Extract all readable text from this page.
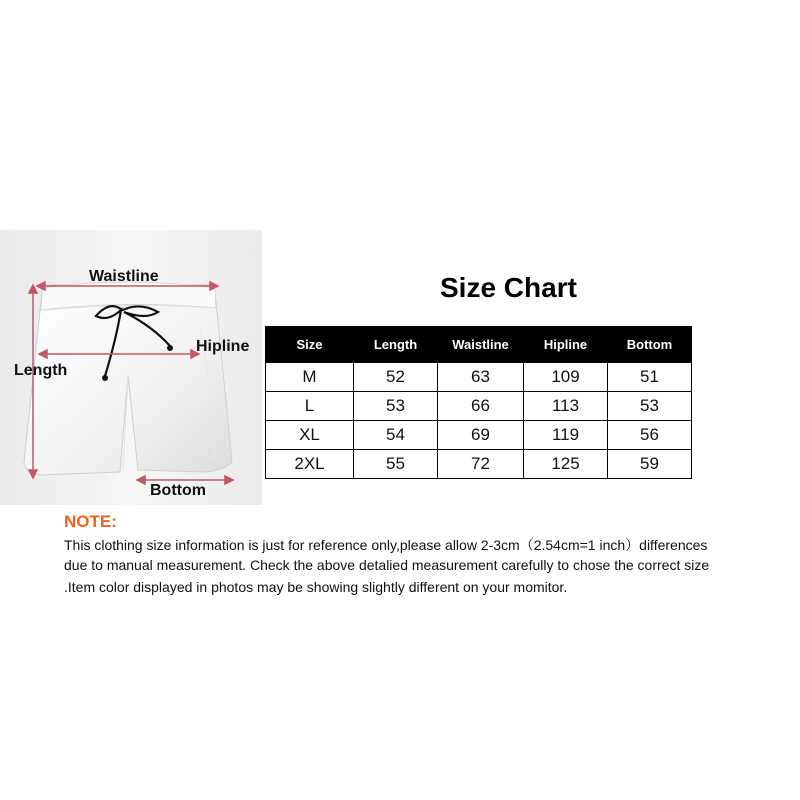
Waistline
Hipline
Length
Bottom
Size Chart
Size	Length	Waistline	Hipline	Bottom
M	52	63	109	51
L	53	66	113	53
XL	54	69	119	56
2XL	55	72	125	59
NOTE:
This clothing size information is just for reference only,please allow 2-3cm（2.54cm=1 inch）differences
due to manual measurement. Check the above detalied measurement carefully to chose the correct size
.Item color displayed in photos may be showing slightly different on your momitor.
